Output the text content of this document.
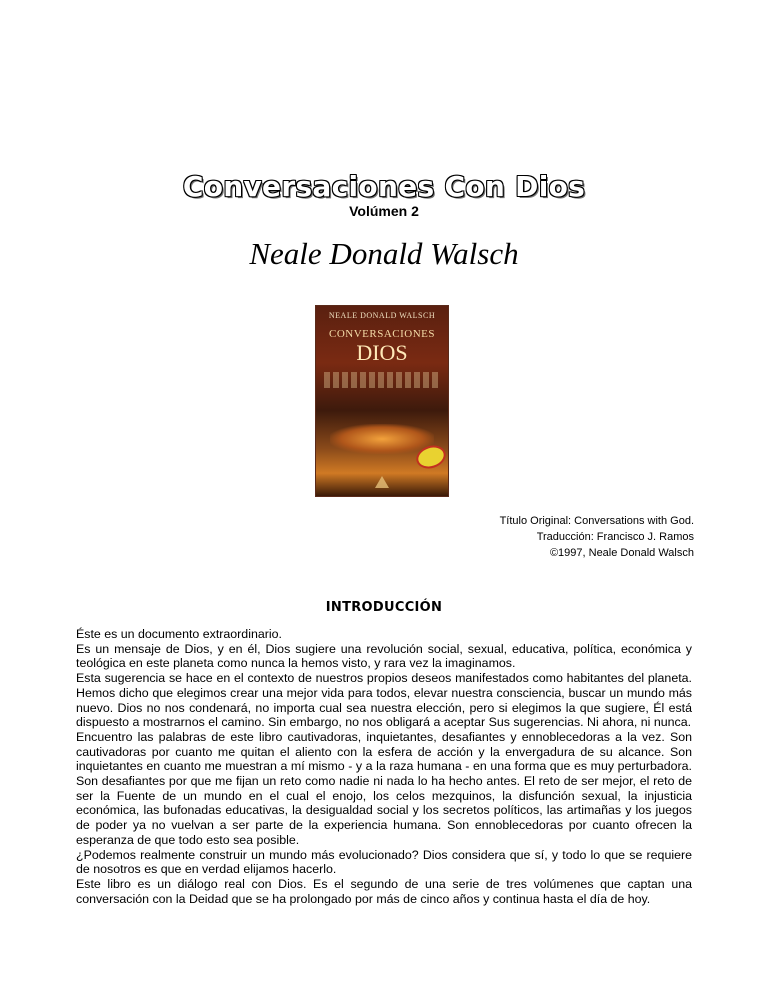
Conversaciones Con Dios
Volúmen 2
Neale Donald Walsch
NEALE DONALD WALSCH
CONVERSACIONES
DIOS
Título Original: Conversations with God.
Traducción: Francisco J. Ramos
©1997, Neale Donald Walsch
INTRODUCCIÓN

Éste es un documento extraordinario.

Es un mensaje de Dios, y en él, Dios sugiere una revolución social, sexual, educativa, política, económica y teológica en este planeta como nunca la hemos visto, y rara vez la imaginamos.

Esta sugerencia se hace en el contexto de nuestros propios deseos manifestados como habitantes del planeta. Hemos dicho que elegimos crear una mejor vida para todos, elevar nuestra consciencia, buscar un mundo más nuevo. Dios no nos condenará, no importa cual sea nuestra elección, pero si elegimos la que sugiere, Él está dispuesto a mostrarnos el camino. Sin embargo, no nos obligará a aceptar Sus sugerencias. Ni ahora, ni nunca.

Encuentro las palabras de este libro cautivadoras, inquietantes, desafiantes y ennoblecedoras a la vez. Son cautivadoras por cuanto me quitan el aliento con la esfera de acción y la envergadura de su alcance. Son inquietantes en cuanto me muestran a mí mismo - y a la raza humana - en una forma que es muy perturbadora. Son desafiantes por que me fijan un reto como nadie ni nada lo ha hecho antes. El reto de ser mejor, el reto de ser la Fuente de un mundo en el cual el enojo, los celos mezquinos, la disfunción sexual, la injusticia económica, las bufonadas educativas, la desigualdad social y los secretos políticos, las artimañas y los juegos de poder ya no vuelvan a ser parte de la experiencia humana. Son ennoblecedoras por cuanto ofrecen la esperanza de que todo esto sea posible.

¿Podemos realmente construir un mundo más evolucionado? Dios considera que sí, y todo lo que se requiere de nosotros es que en verdad elijamos hacerlo.

Este libro es un diálogo real con Dios. Es el segundo de una serie de tres volúmenes que captan una conversación con la Deidad que se ha prolongado por más de cinco años y continua hasta el día de hoy.
